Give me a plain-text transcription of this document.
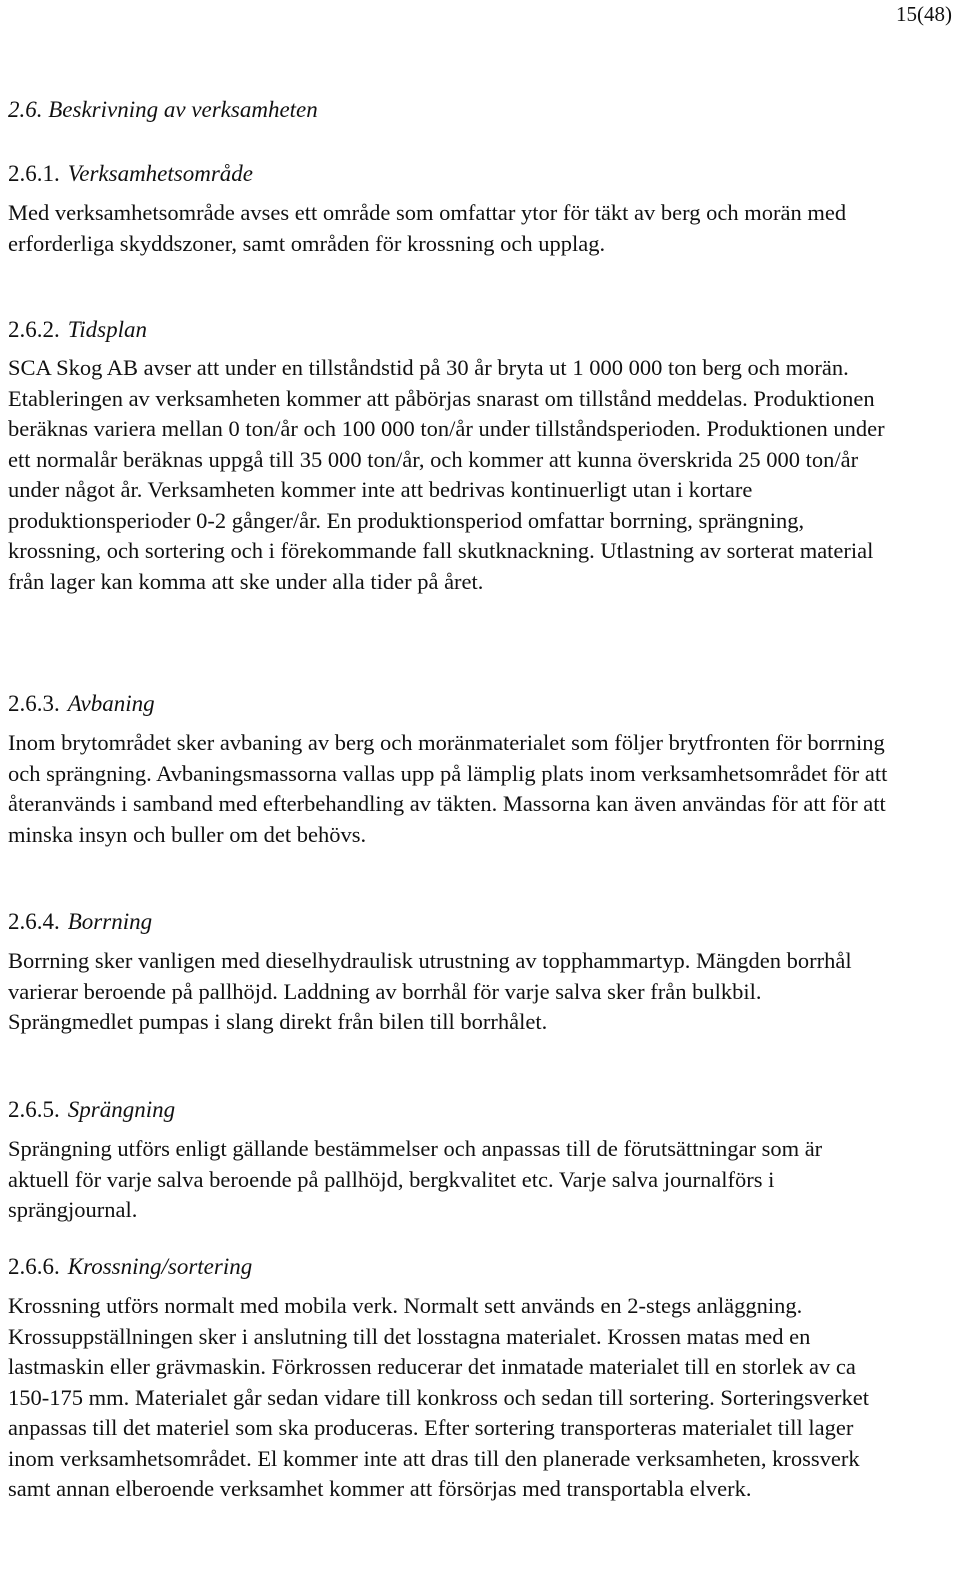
15(48)
2.6. Beskrivning av verksamheten
2.6.1. Verksamhetsområde

Med verksamhetsområde avses ett område som omfattar ytor för täkt av berg och morän med erforderliga skyddszoner, samt områden för krossning och upplag.

2.6.2. Tidsplan

SCA Skog AB avser att under en tillståndstid på 30 år bryta ut 1 000 000 ton berg och morän. Etableringen av verksamheten kommer att påbörjas snarast om tillstånd meddelas. Produktionen beräknas variera mellan 0 ton/år och 100 000 ton/år under tillståndsperioden. Produktionen under ett normalår beräknas uppgå till 35 000 ton/år, och kommer att kunna överskrida 25 000 ton/år under något år. Verksamheten kommer inte att bedrivas kontinuerligt utan i kortare produktionsperioder 0-2 gånger/år. En produktionsperiod omfattar borrning, sprängning, krossning, och sortering och i förekommande fall skutknackning. Utlastning av sorterat material från lager kan komma att ske under alla tider på året.

2.6.3. Avbaning

Inom brytområdet sker avbaning av berg och moränmaterialet som följer brytfronten för borrning och sprängning. Avbaningsmassorna vallas upp på lämplig plats inom verksamhetsområdet för att återanvänds i samband med efterbehandling av täkten. Massorna kan även användas för att för att minska insyn och buller om det behövs.

2.6.4. Borrning

Borrning sker vanligen med dieselhydraulisk utrustning av topphammartyp. Mängden borrhål varierar beroende på pallhöjd. Laddning av borrhål för varje salva sker från bulkbil. Sprängmedlet pumpas i slang direkt från bilen till borrhålet.

2.6.5. Sprängning

Sprängning utförs enligt gällande bestämmelser och anpassas till de förutsättningar som är aktuell för varje salva beroende på pallhöjd, bergkvalitet etc. Varje salva journalförs i sprängjournal.

2.6.6. Krossning/sortering

Krossning utförs normalt med mobila verk. Normalt sett används en 2-stegs anläggning. Krossuppställningen sker i anslutning till det losstagna materialet. Krossen matas med en lastmaskin eller grävmaskin. Förkrossen reducerar det inmatade materialet till en storlek av ca 150-175 mm. Materialet går sedan vidare till konkross och sedan till sortering. Sorteringsverket anpassas till det materiel som ska produceras. Efter sortering transporteras materialet till lager inom verksamhetsområdet. El kommer inte att dras till den planerade verksamheten, krossverk samt annan elberoende verksamhet kommer att försörjas med transportabla elverk.
